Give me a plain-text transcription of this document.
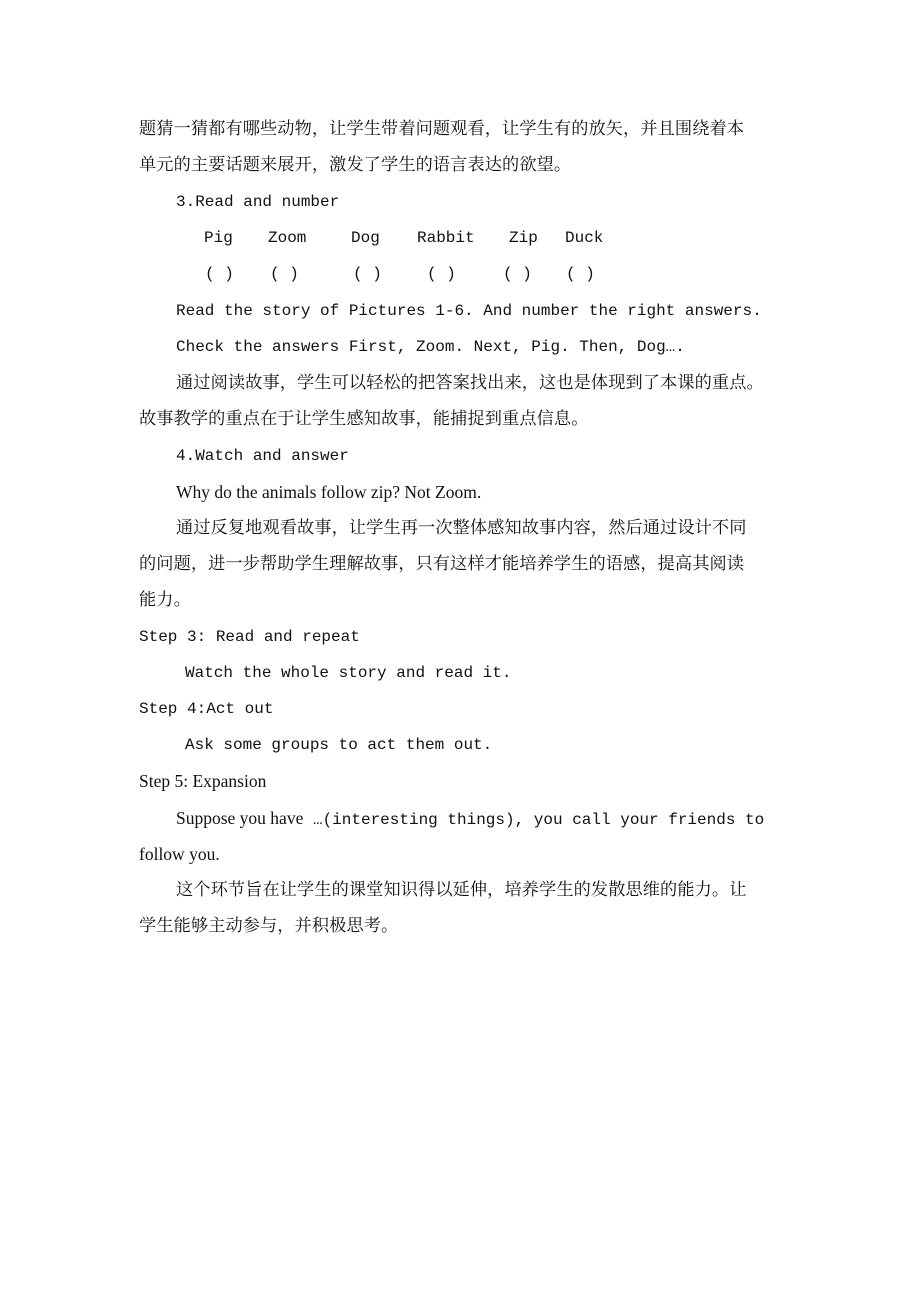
题猜一猜都有哪些动物，让学生带着问题观看，让学生有的放矢，并且围绕着本
单元的主要话题来展开，激发了学生的语言表达的欲望。
3.Read and number
Pig Zoom	Dog Rabbit Zip Duck
( ) ( )	( )	( )	( ) ( )
Read the story of Pictures 1-6. And number the right answers.
Check the answers First, Zoom. Next, Pig. Then, Dog….
通过阅读故事，学生可以轻松的把答案找出来，这也是体现到了本课的重点。
故事教学的重点在于让学生感知故事，能捕捉到重点信息。
4.Watch and answer
Why do the animals follow zip? Not Zoom.
通过反复地观看故事，让学生再一次整体感知故事内容，然后通过设计不同
的问题，进一步帮助学生理解故事，只有这样才能培养学生的语感，提高其阅读
能力。
Step 3: Read and repeat
Watch the whole story and read it.
Step 4:Act out
Ask some groups to act them out.
Step 5: Expansion
Suppose you have …(interesting things), you call your friends to
follow you.
这个环节旨在让学生的课堂知识得以延伸，培养学生的发散思维的能力。让
学生能够主动参与，并积极思考。
